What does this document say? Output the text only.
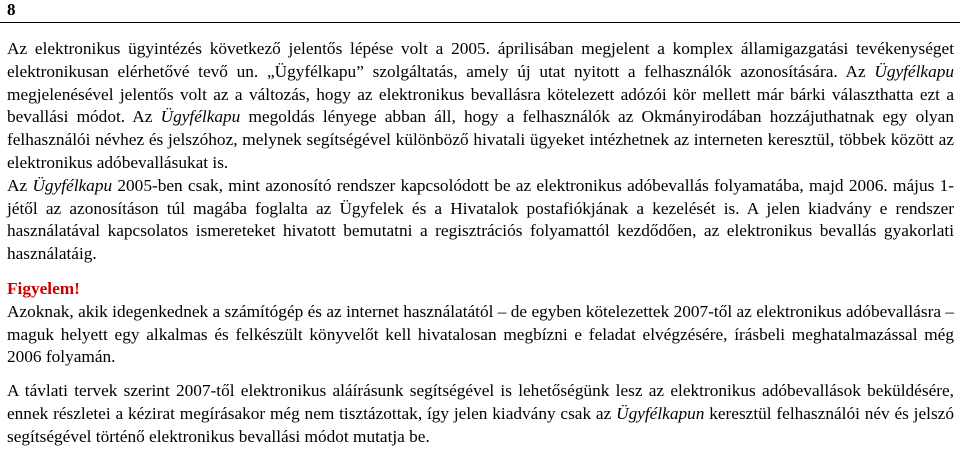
8

Az elektronikus ügyintézés következő jelentős lépése volt a 2005. áprilisában megjelent a komplex államigazgatási tevékenységet elektronikusan elérhetővé tevő un. „Ügyfélkapu” szolgáltatás, amely új utat nyitott a felhasználók azonosítására. Az Ügyfélkapu megjelenésével jelentős volt az a változás, hogy az elektronikus bevallásra kötelezett adózói kör mellett már bárki választhatta ezt a bevallási módot. Az Ügyfélkapu megoldás lényege abban áll, hogy a felhasználók az Okmányirodában hozzájuthatnak egy olyan felhasználói névhez és jelszóhoz, melynek segítségével különböző hivatali ügyeket intézhetnek az interneten keresztül, többek között az elektronikus adóbevallásukat is.

Az Ügyfélkapu 2005-ben csak, mint azonosító rendszer kapcsolódott be az elektronikus adóbevallás folyamatába, majd 2006. május 1-jétől az azonosításon túl magába foglalta az Ügyfelek és a Hivatalok postafiókjának a kezelését is. A jelen kiadvány e rendszer használatával kapcsolatos ismereteket hivatott bemutatni a regisztrációs folyamattól kezdődően, az elektronikus bevallás gyakorlati használatáig.

Figyelem!

Azoknak, akik idegenkednek a számítógép és az internet használatától – de egyben kötelezettek 2007-től az elektronikus adóbevallásra – maguk helyett egy alkalmas és felkészült könyvelőt kell hivatalosan megbízni e feladat elvégzésére, írásbeli meghatalmazással még 2006 folyamán.

A távlati tervek szerint 2007-től elektronikus aláírásunk segítségével is lehetőségünk lesz az elektronikus adóbevallások beküldésére, ennek részletei a kézirat megírásakor még nem tisztázottak, így jelen kiadvány csak az Ügyfélkapun keresztül felhasználói név és jelszó segítségével történő elektronikus bevallási módot mutatja be.
